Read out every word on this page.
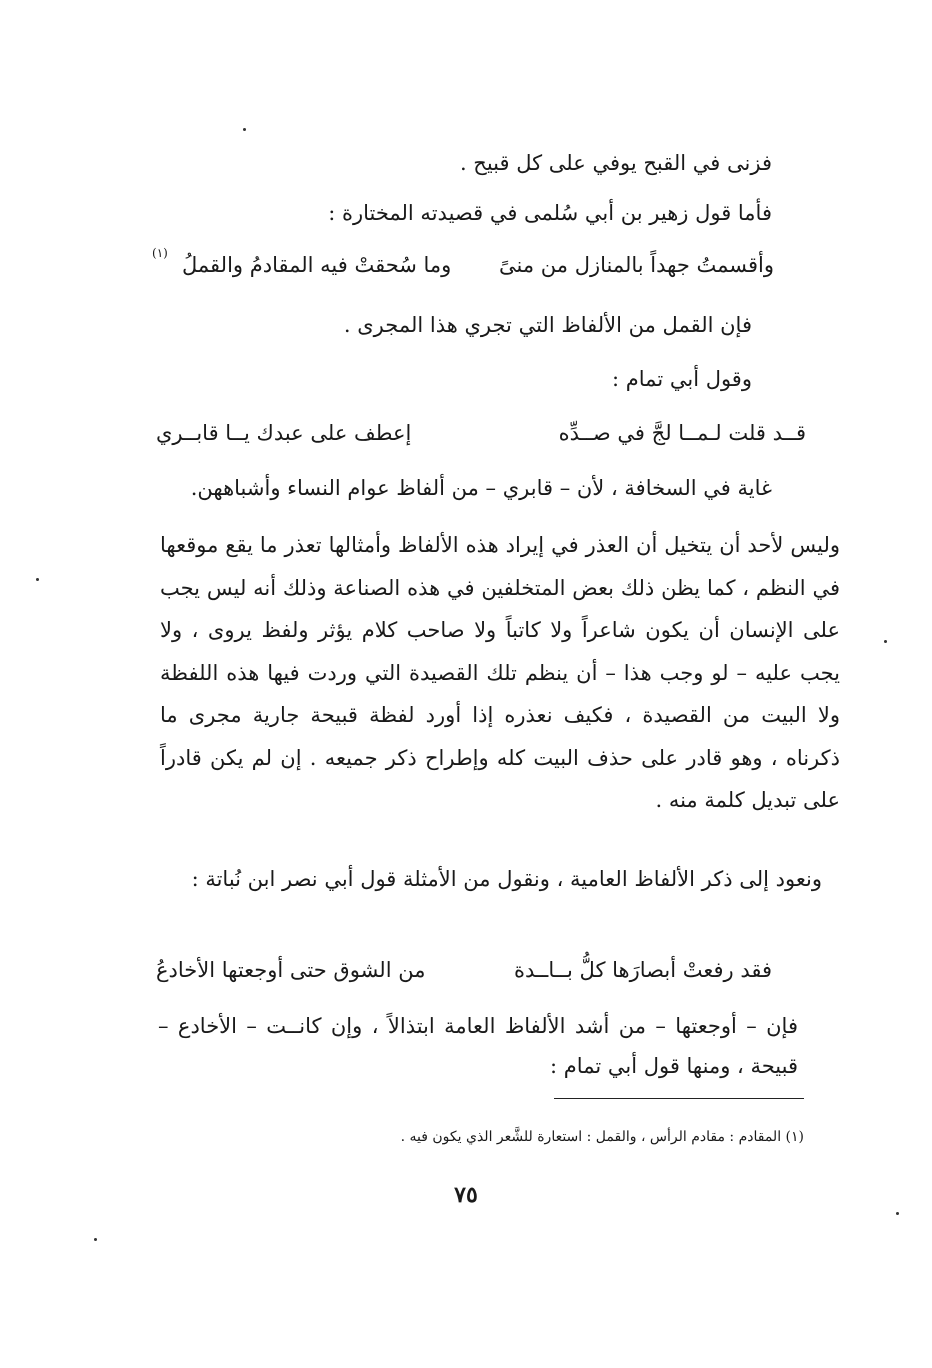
فزنى في القبح يوفي على كل قبيح .
فأما قول زهير بن أبي سُلمى في قصيدته المختارة :
وأقسمتُ جهداً بالمنازل من منىً
وما سُحقتْ فيه المقادمُ والقملُ
(١)
فإن القمل من الألفاظ التي تجري هذا المجرى .
وقول أبي تمام :
قــد قلت لـمــا لجَّ في صــدِّه
إعطف على عبدك يــا قابــري
غاية في السخافة ، لأن – قابري – من ألفاظ عوام النساء وأشباههن.
وليس لأحد أن يتخيل أن العذر في إيراد هذه الألفاظ وأمثالها تعذر ما يقع موقعها في النظم ، كما يظن ذلك بعض المتخلفين في هذه الصناعة وذلك أنه ليس يجب على الإنسان أن يكون شاعراً ولا كاتباً ولا صاحب كلام يؤثر ولفظ يروى ، ولا يجب عليه – لو وجب هذا – أن ينظم تلك القصيدة التي وردت فيها هذه اللفظة ولا البيت من القصيدة ، فكيف نعذره إذا أورد لفظة قبيحة جارية مجرى ما ذكرناه ، وهو قادر على حذف البيت كله وإطراح ذكر جميعه . إن لم يكن قادراً على تبديل كلمة منه .
ونعود إلى ذكر الألفاظ العامية ، ونقول من الأمثلة قول أبي نصر ابن نُباتة :
فقد رفعتْ أبصارَها كلُّ بــاــدة
من الشوق حتى أوجعتها الأخادعُ
فإن – أوجعتها – من أشد الألفاظ العامة ابتذالاً ، وإن كانــت – الأخادع – قبيحة ، ومنها قول أبي تمام :
(١) المقادم : مقادم الرأس ، والقمل : استعارة للشَّعر الذي يكون فيه .
٧٥
